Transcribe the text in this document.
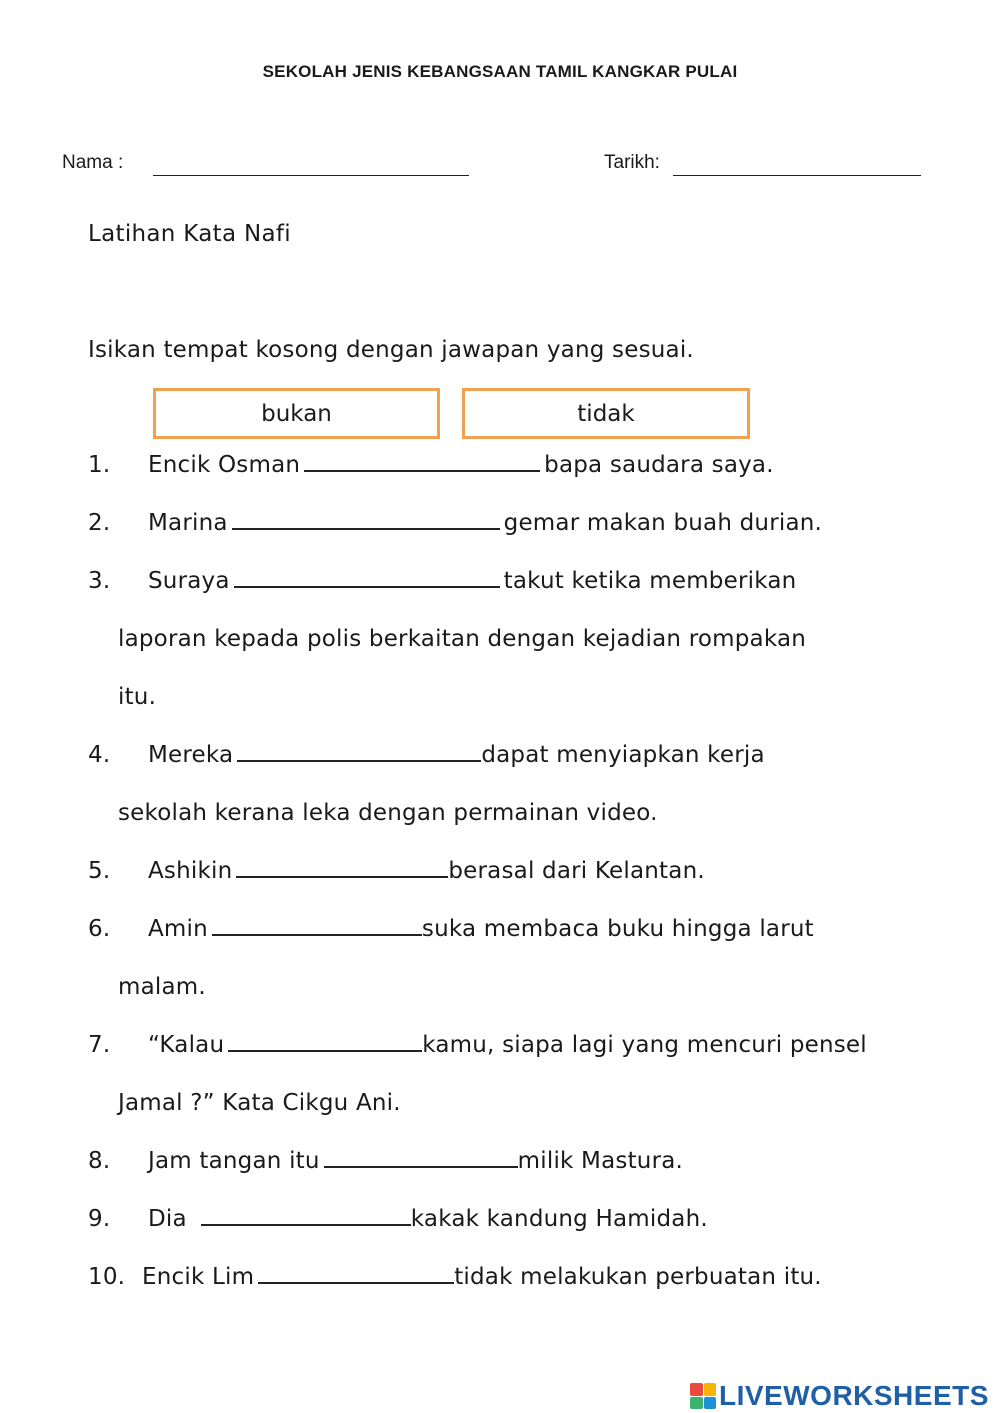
SEKOLAH JENIS KEBANGSAAN TAMIL KANGKAR PULAI
Nama :	Tarikh:
Latihan Kata Nafi
Isikan tempat kosong dengan jawapan yang sesuai.
bukan	tidak
1. Encik Osman	bapa saudara saya.
2. Marina	gemar makan buah durian.
3. Suraya	takut ketika memberikan
laporan kepada polis berkaitan dengan kejadian rompakan
itu.
4. Mereka	dapat menyiapkan kerja
sekolah kerana leka dengan permainan video.
5. Ashikin	berasal dari Kelantan.
6. Amin	suka membaca buku hingga larut
malam.
7. “Kalau	kamu, siapa lagi yang mencuri pensel
Jamal ?” Kata Cikgu Ani.
8. Jam tangan itu	milik Mastura.
9. Dia	kakak kandung Hamidah.
10. Encik Lim	tidak melakukan perbuatan itu.
LIVEWORKSHEETS
